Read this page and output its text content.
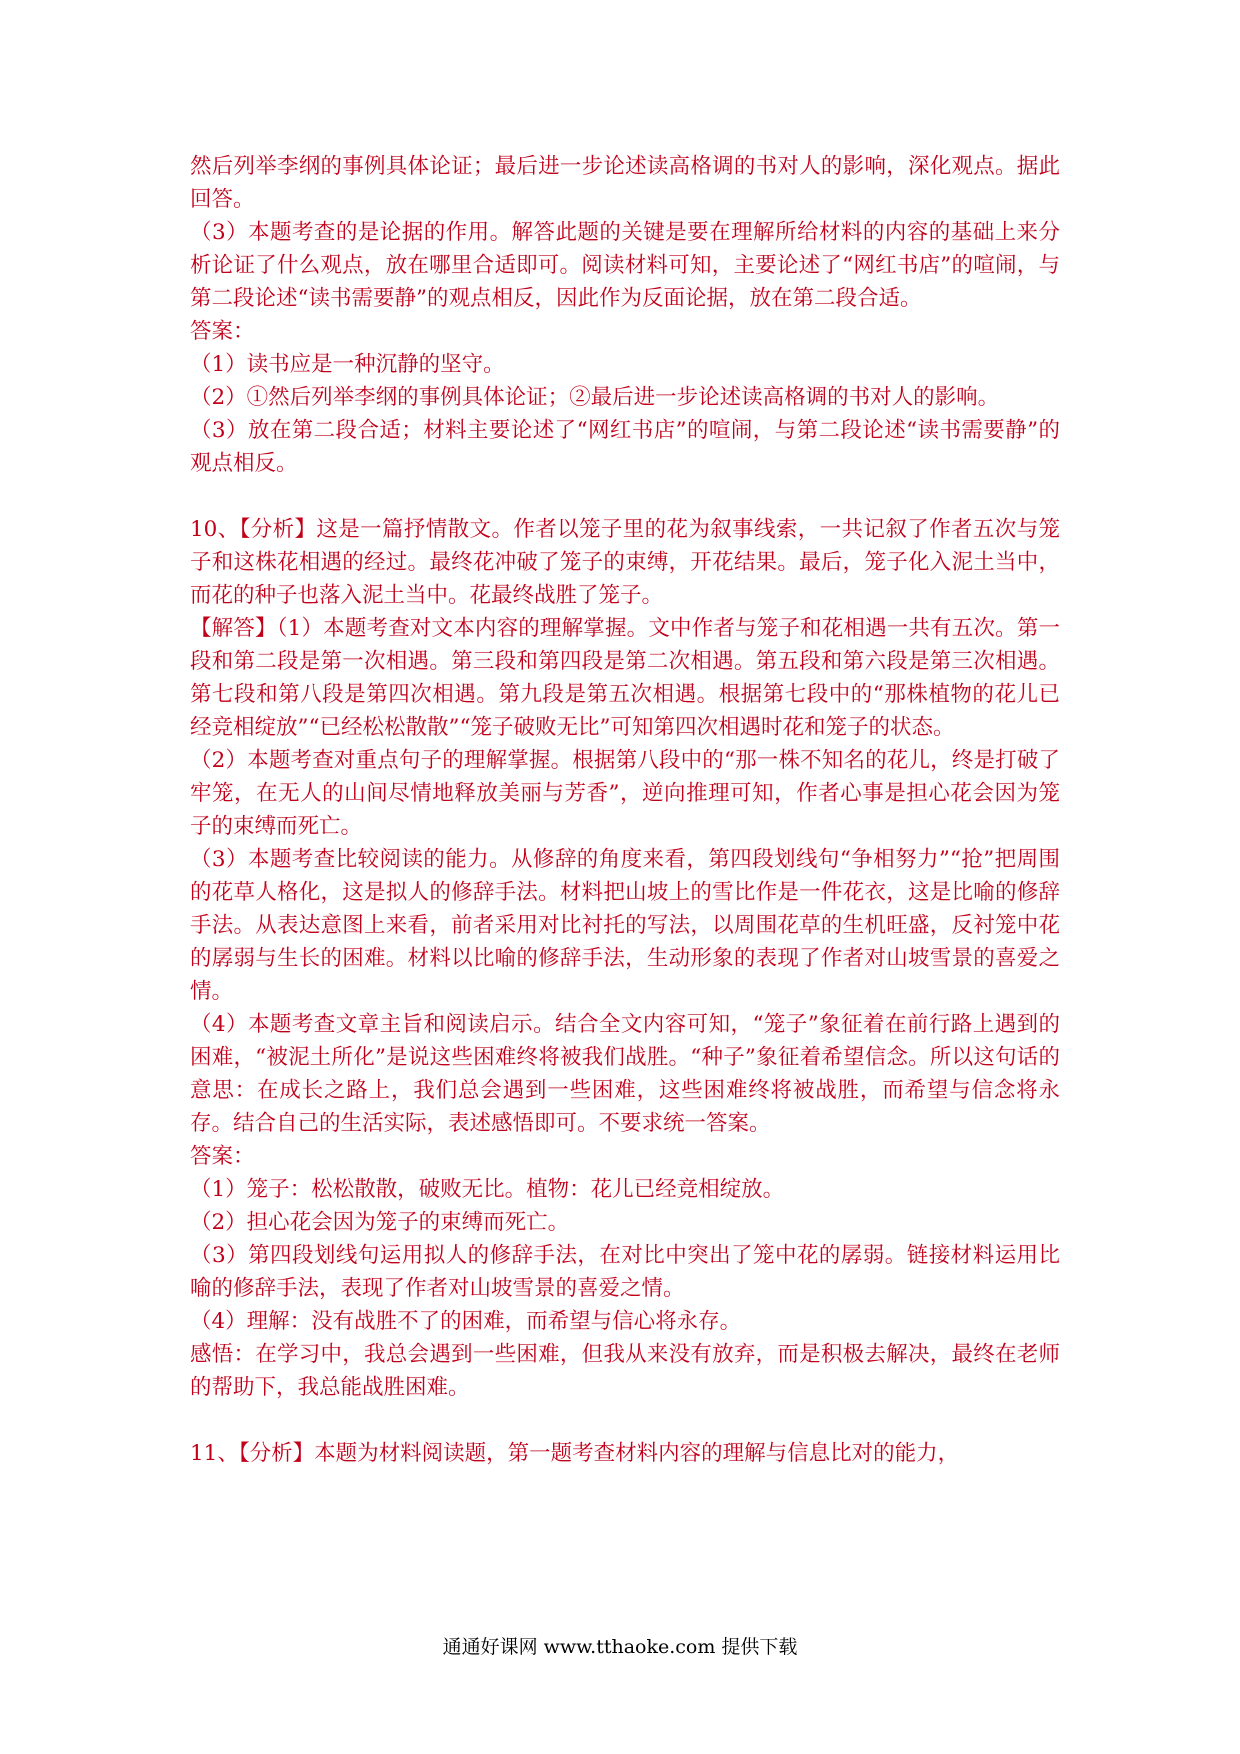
然后列举李纲的事例具体论证；最后进一步论述读高格调的书对人的影响，深化观点。据此回答。
（3）本题考查的是论据的作用。解答此题的关键是要在理解所给材料的内容的基础上来分析论证了什么观点，放在哪里合适即可。阅读材料可知，主要论述了“网红书店”的喧闹，与第二段论述“读书需要静”的观点相反，因此作为反面论据，放在第二段合适。
答案：
（1）读书应是一种沉静的坚守。
（2）①然后列举李纲的事例具体论证；②最后进一步论述读高格调的书对人的影响。
（3）放在第二段合适；材料主要论述了“网红书店”的喧闹，与第二段论述“读书需要静”的观点相反。
10、【分析】这是一篇抒情散文。作者以笼子里的花为叙事线索，一共记叙了作者五次与笼子和这株花相遇的经过。最终花冲破了笼子的束缚，开花结果。最后，笼子化入泥土当中，而花的种子也落入泥土当中。花最终战胜了笼子。
【解答】（1）本题考查对文本内容的理解掌握。文中作者与笼子和花相遇一共有五次。第一段和第二段是第一次相遇。第三段和第四段是第二次相遇。第五段和第六段是第三次相遇。第七段和第八段是第四次相遇。第九段是第五次相遇。根据第七段中的“那株植物的花儿已经竞相绽放”“已经松松散散”“笼子破败无比”可知第四次相遇时花和笼子的状态。
（2）本题考查对重点句子的理解掌握。根据第八段中的“那一株不知名的花儿，终是打破了牢笼，在无人的山间尽情地释放美丽与芳香”，逆向推理可知，作者心事是担心花会因为笼子的束缚而死亡。
（3）本题考查比较阅读的能力。从修辞的角度来看，第四段划线句“争相努力”“抢”把周围的花草人格化，这是拟人的修辞手法。材料把山坡上的雪比作是一件花衣，这是比喻的修辞手法。从表达意图上来看，前者采用对比衬托的写法，以周围花草的生机旺盛，反衬笼中花的孱弱与生长的困难。材料以比喻的修辞手法，生动形象的表现了作者对山坡雪景的喜爱之情。
（4）本题考查文章主旨和阅读启示。结合全文内容可知，“笼子”象征着在前行路上遇到的困难，“被泥土所化”是说这些困难终将被我们战胜。“种子”象征着希望信念。所以这句话的意思：在成长之路上，我们总会遇到一些困难，这些困难终将被战胜，而希望与信念将永存。结合自己的生活实际，表述感悟即可。不要求统一答案。
答案：
（1）笼子：松松散散，破败无比。植物：花儿已经竞相绽放。
（2）担心花会因为笼子的束缚而死亡。
（3）第四段划线句运用拟人的修辞手法，在对比中突出了笼中花的孱弱。链接材料运用比喻的修辞手法，表现了作者对山坡雪景的喜爱之情。
（4）理解：没有战胜不了的困难，而希望与信心将永存。
感悟：在学习中，我总会遇到一些困难，但我从来没有放弃，而是积极去解决，最终在老师的帮助下，我总能战胜困难。
11、【分析】本题为材料阅读题，第一题考查材料内容的理解与信息比对的能力，
通通好课网 www.tthaoke.com 提供下载
